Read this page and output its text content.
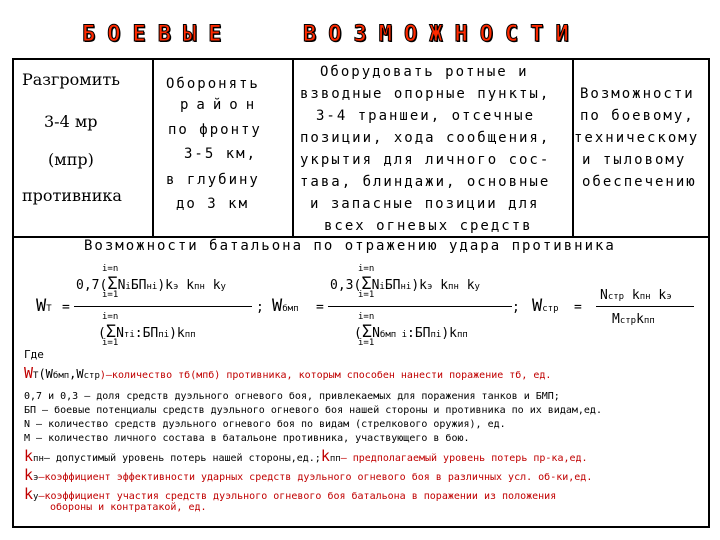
БОЕВЫЕ	ВОЗМОЖНОСТИ
Разгромить
3-4 мр
(мпр)
противника
Оборонять
район
по фронту
3-5 км,
в глубину
до 3 км
Оборудовать ротные и
взводные опорные пункты,
3-4 траншеи, отсечные
позиции, хода сообщения,
укрытия для личного сос-
тава, блиндажи, основные
и запасные позиции для
всех огневых средств
Возможности
по боевому,
техническому
и тыловому
обеспечению
Возможности батальона по отражению удара противника
WТ =
i=n
0,7(ΣNiБПнi)kэ kпн kу
i=1
i=n
(ΣNтi:БПпi)kпп
i=1
; Wбмп =
i=n
0,3(ΣNiБПнi)kэ kпн kу
i=1
i=n
(ΣNбмп i:БПпi)kпп
i=1
; Wстр =
Nстр kпн kэ
Mстрkпп
Где
WТ(Wбмп,Wстр)–количество тб(мпб) противника, которым способен нанести поражение тб, ед.
0,7 и 0,3 – доля средств дуэльного огневого боя, привлекаемых для поражения танков и БМП;
БП – боевые потенциалы средств дуэльного огневого боя нашей стороны и противника по их видам,ед.
N – количество средств дуэльного огневого боя по видам (стрелкового оружия), ед.
M – количество личного состава в батальоне противника, участвующего в бою.
kпн– допустимый уровень потерь нашей стороны,ед.;kпп– предполагаемый уровень потерь пр-ка,ед.
kэ–коэффициент эффективности ударных средств дуэльного огневого боя в различных усл. об-ки,ед.
kу–коэффициент участия средств дуэльного огневого боя батальона в поражении из положения
обороны и контратакой, ед.
